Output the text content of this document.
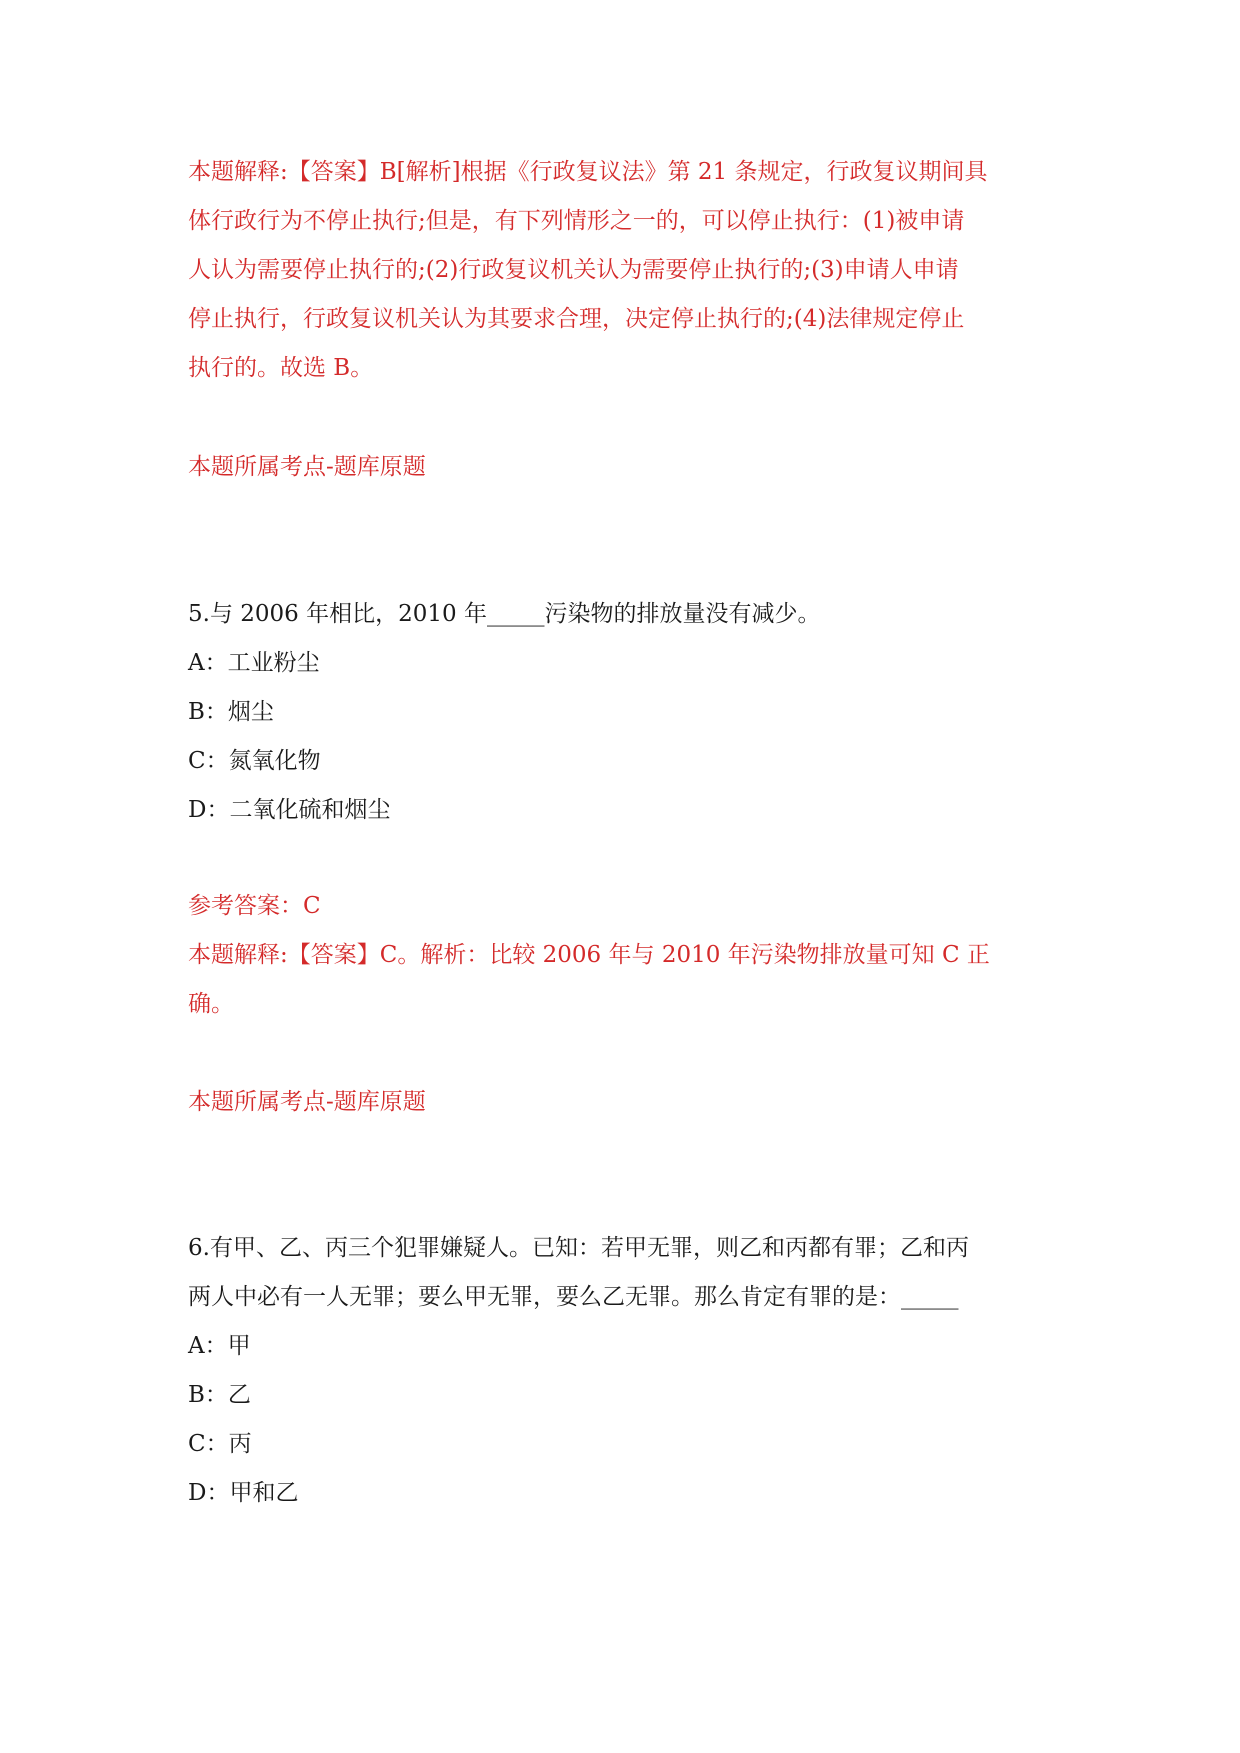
本题解释:【答案】B[解析]根据《行政复议法》第 21 条规定，行政复议期间具
体行政行为不停止执行;但是，有下列情形之一的，可以停止执行：(1)被申请
人认为需要停止执行的;(2)行政复议机关认为需要停止执行的;(3)申请人申请
停止执行，行政复议机关认为其要求合理，决定停止执行的;(4)法律规定停止
执行的。故选 B。
本题所属考点-题库原题
5.与 2006 年相比，2010 年_____污染物的排放量没有减少。
A：工业粉尘
B：烟尘
C：氮氧化物
D：二氧化硫和烟尘
参考答案：C
本题解释:【答案】C。解析：比较 2006 年与 2010 年污染物排放量可知 C 正
确。
本题所属考点-题库原题
6.有甲、乙、丙三个犯罪嫌疑人。已知：若甲无罪，则乙和丙都有罪；乙和丙
两人中必有一人无罪；要么甲无罪，要么乙无罪。那么肯定有罪的是：_____
A：甲
B：乙
C：丙
D：甲和乙
